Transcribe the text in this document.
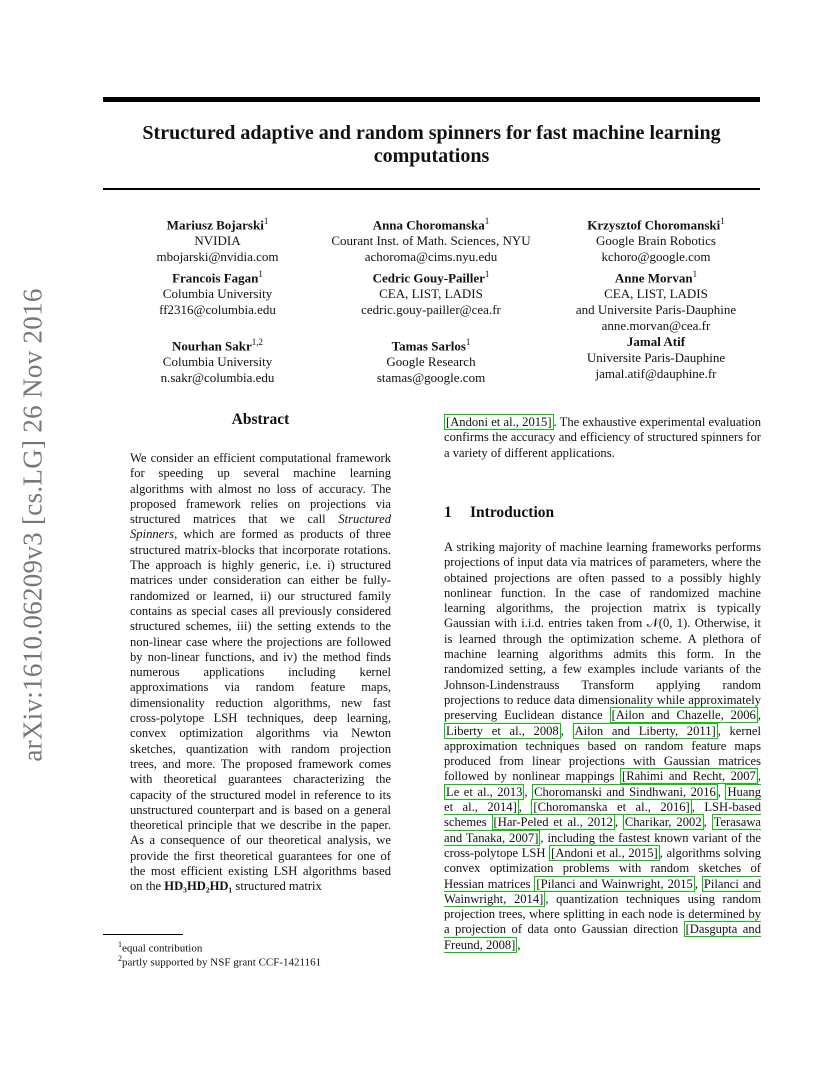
arXiv:1610.06209v3 [cs.LG] 26 Nov 2016
Structured adaptive and random spinners for fast machine learning
computations
Mariusz Bojarski$^1$
NVIDIA
mbojarski@nvidia.com
Anna Choromanska$^1$
Courant Inst. of Math. Sciences, NYU
achoroma@cims.nyu.edu
Krzysztof Choromanski$^1$
Google Brain Robotics
kchoro@google.com
Francois Fagan$^1$
Columbia University
ff2316@columbia.edu
Cedric Gouy-Pailler$^1$
CEA, LIST, LADIS
cedric.gouy-pailler@cea.fr
Anne Morvan$^1$
CEA, LIST, LADIS
and Universite Paris-Dauphine
anne.morvan@cea.fr
Nourhan Sakr$^{1,2}$
Columbia University
n.sakr@columbia.edu
Tamas Sarlos$^1$
Google Research
stamas@google.com
Jamal Atif
Universite Paris-Dauphine
jamal.atif@dauphine.fr
Abstract
We consider an efficient computational framework for speeding up several machine learning algorithms with almost no loss of accuracy. The proposed framework relies on projections via structured matrices that we call Structured Spinners, which are formed as products of three structured matrix-blocks that incorporate rotations. The approach is highly generic, i.e. i) structured matrices under consideration can either be fully-randomized or learned, ii) our structured family contains as special cases all previously considered structured schemes, iii) the setting extends to the non-linear case where the projections are followed by non-linear functions, and iv) the method finds numerous applications including kernel approximations via random feature maps, dimensionality reduction algorithms, new fast cross-polytope LSH techniques, deep learning, convex optimization algorithms via Newton sketches, quantization with random projection trees, and more. The proposed framework comes with theoretical guarantees characterizing the capacity of the structured model in reference to its unstructured counterpart and is based on a general theoretical principle that we describe in the paper. As a consequence of our theoretical analysis, we provide the first theoretical guarantees for one of the most efficient existing LSH algorithms based on the HD₃HD₂HD₁ structured matrix
[Andoni et al., 2015] . The exhaustive experimental evaluation confirms the accuracy and efficiency of structured spinners for a variety of different applications.
1 Introduction
A striking majority of machine learning frameworks performs projections of input data via matrices of parameters, where the obtained projections are often passed to a possibly highly nonlinear function. In the case of randomized machine learning algorithms, the projection matrix is typically Gaussian with i.i.d. entries taken from 𝒩(0, 1). Otherwise, it is learned through the optimization scheme. A plethora of machine learning algorithms admits this form. In the randomized setting, a few examples include variants of the Johnson-Lindenstrauss Transform applying random projections to reduce data dimensionality while approximately preserving Euclidean distance [Ailon and Chazelle, 2006 , Liberty et al., 2008 , Ailon and Liberty, 2011] , kernel approximation techniques based on random feature maps produced from linear projections with Gaussian matrices followed by nonlinear mappings [Rahimi and Recht, 2007 , Le et al., 2013 , Choromanski and Sindhwani, 2016 , Huang et al., 2014] , [Choromanska et al., 2016] , LSH-based schemes [Har-Peled et al., 2012 , Charikar, 2002 , Terasawa and Tanaka, 2007] , including the fastest known variant of the cross-polytope LSH [Andoni et al., 2015] , algorithms solving convex optimization problems with random sketches of Hessian matrices [Pilanci and Wainwright, 2015 , Pilanci and Wainwright, 2014] , quantization techniques using random projection trees, where splitting in each node is determined by a projection of data onto Gaussian direction [Dasgupta and Freund, 2008] ,
$^1$equal contribution
$^2$partly supported by NSF grant CCF-1421161
